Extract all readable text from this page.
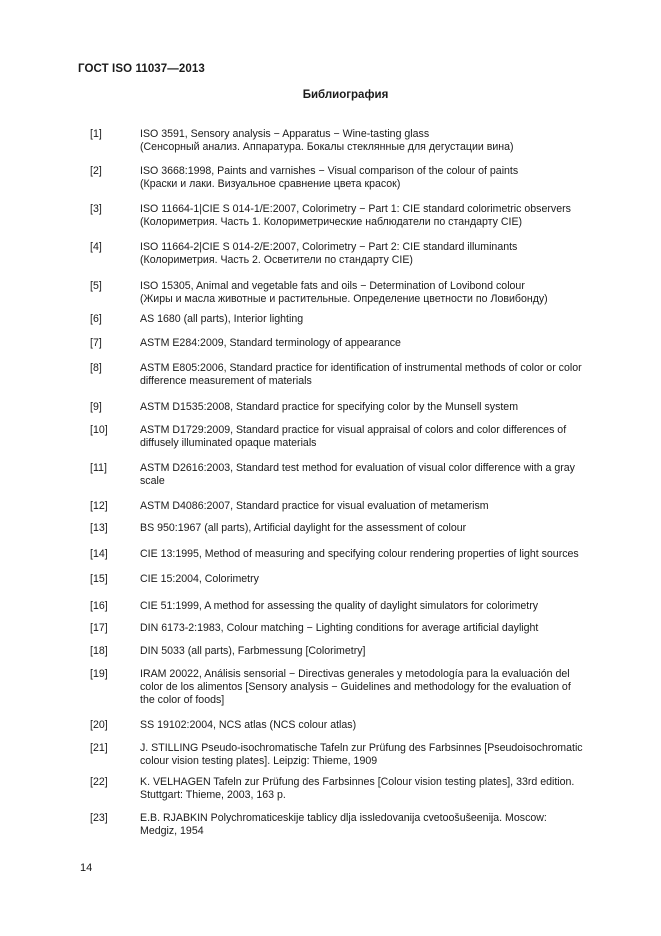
ГОСТ ISO 11037—2013
Библиография
[1]	ISO 3591, Sensory analysis − Apparatus − Wine-tasting glass
(Сенсорный анализ. Аппаратура. Бокалы стеклянные для дегустации вина)
[2]	ISO 3668:1998, Paints and varnishes − Visual comparison of the colour of paints
(Краски и лаки. Визуальное сравнение цвета красок)
[3]	ISO 11664-1|CIE S 014-1/E:2007, Colorimetry − Part 1: CIE standard colorimetric observers
(Колориметрия. Часть 1. Колориметрические наблюдатели по стандарту CIE)
[4]	ISO 11664-2|CIE S 014-2/E:2007, Colorimetry − Part 2: CIE standard illuminants
(Колориметрия. Часть 2. Осветители по стандарту CIE)
[5]	ISO 15305, Animal and vegetable fats and oils − Determination of Lovibond colour
(Жиры и масла животные и растительные. Определение цветности по Ловибонду)
[6]	AS 1680 (all parts), Interior lighting
[7]	ASTM E284:2009, Standard terminology of appearance
[8]	ASTM E805:2006, Standard practice for identification of instrumental methods of color or color
difference measurement of materials
[9]	ASTM D1535:2008, Standard practice for specifying color by the Munsell system
[10]	ASTM D1729:2009, Standard practice for visual appraisal of colors and color differences of
diffusely illuminated opaque materials
[11]	ASTM D2616:2003, Standard test method for evaluation of visual color difference with a gray
scale
[12]	ASTM D4086:2007, Standard practice for visual evaluation of metamerism
[13]	BS 950:1967 (all parts), Artificial daylight for the assessment of colour
[14]	CIE 13:1995, Method of measuring and specifying colour rendering properties of light sources
[15]	CIE 15:2004, Colorimetry
[16]	CIE 51:1999, A method for assessing the quality of daylight simulators for colorimetry
[17]	DIN 6173-2:1983, Colour matching − Lighting conditions for average artificial daylight
[18]	DIN 5033 (all parts), Farbmessung [Colorimetry]
[19]	IRAM 20022, Análisis sensorial − Directivas generales y metodología para la evaluación del
color de los alimentos [Sensory analysis − Guidelines and methodology for the evaluation of
the color of foods]
[20]	SS 19102:2004, NCS atlas (NCS colour atlas)
[21]	J. STILLING Pseudo-isochromatische Tafeln zur Prüfung des Farbsinnes [Pseudoisochromatic
colour vision testing plates]. Leipzig: Thieme, 1909
[22]	K. VELHAGEN Tafeln zur Prüfung des Farbsinnes [Colour vision testing plates], 33rd edition.
Stuttgart: Thieme, 2003, 163 p.
[23]	E.B. RJABKIN Polychromaticeskije tablicy dlja issledovanija cvetoošušeenija. Moscow:
Medgiz, 1954
14
